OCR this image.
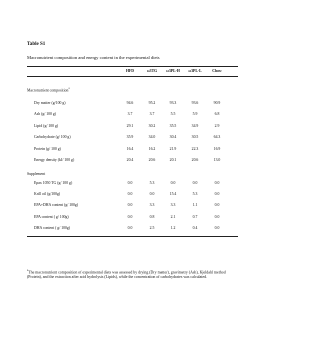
Table S1
Macronutrient composition and energy content in the experimental diets
HFD	ω3TG	ω3PL-H	ω3PL-L	Chow
Macronutrient composition$^a$
Dry matter (g/100 g)	94.6	95.2	93.3	93.6	90.9
Ash (g/ 100 g)	3.7	3.7	5.5	5.9	6.8
Lipid (g/ 100 g)	29.1	30.2	35.5	34.9	2.9
Carbohydrate (g/ 100 g)	35.9	34.0	30.4	30.5	64.3
Protein (g/ 100 g)	16.4	16.2	21.9	22.3	16.9
Energy density (kJ/ 100 g)	20.4	20.6	20.1	20.6	13.0
Supplement
Epax 1050 TG (g/ 100 g)	0.0	5.3	0.0	0.0	0.0
Krill oil (g/100g)	0.0	0.0	15.4	5.3	0.0
EPA+DHA content (g/ 100g)	0.0	3.3	3.3	1.1	0.0
EPA content ( g/ 100g)	0.0	0.8	2.1	0.7	0.0
DHA content ( g/ 100g)	0.0	2.5	1.2	0.4	0.0
$^a$The macronutrient composition of experimental diets was assessed by drying (Dry matter), gravimetry (Ash), Kjeldahl method (Protein), and the extraction after acid hydrolysis (Lipids), while the concentration of carbohydrates was calculated.
